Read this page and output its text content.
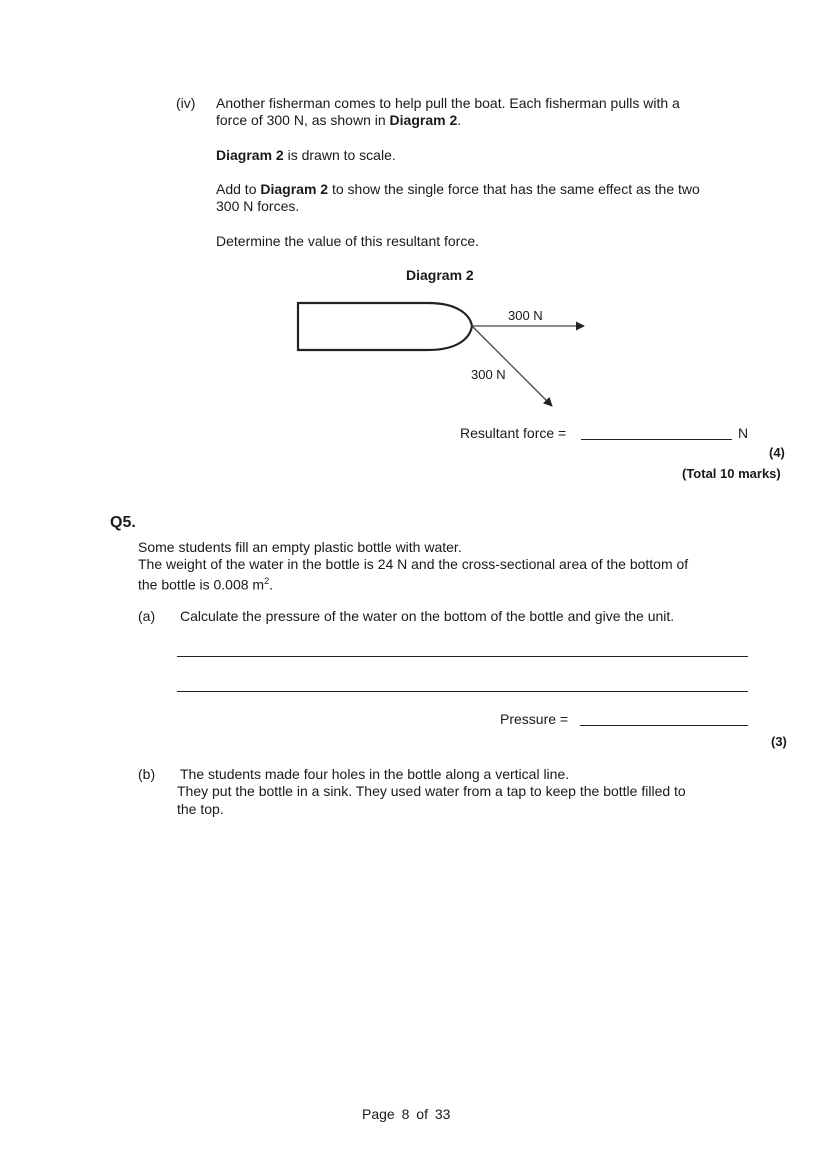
(iv) Another fisherman comes to help pull the boat. Each fisherman pulls with a
force of 300 N, as shown in Diagram 2.
Diagram 2 is drawn to scale.
Add to Diagram 2 to show the single force that has the same effect as the two
300 N forces.
Determine the value of this resultant force.
Diagram 2
300 N
300 N
Resultant force =	N
(4)
(Total 10 marks)
Q5.
Some students fill an empty plastic bottle with water.
The weight of the water in the bottle is 24 N and the cross-sectional area of the bottom of
the bottle is 0.008 $m^2$.
(a) Calculate the pressure of the water on the bottom of the bottle and give the unit.
Pressure =
(3)
(b) The students made four holes in the bottle along a vertical line.
They put the bottle in a sink. They used water from a tap to keep the bottle filled to
the top.
Page 8 of 33
